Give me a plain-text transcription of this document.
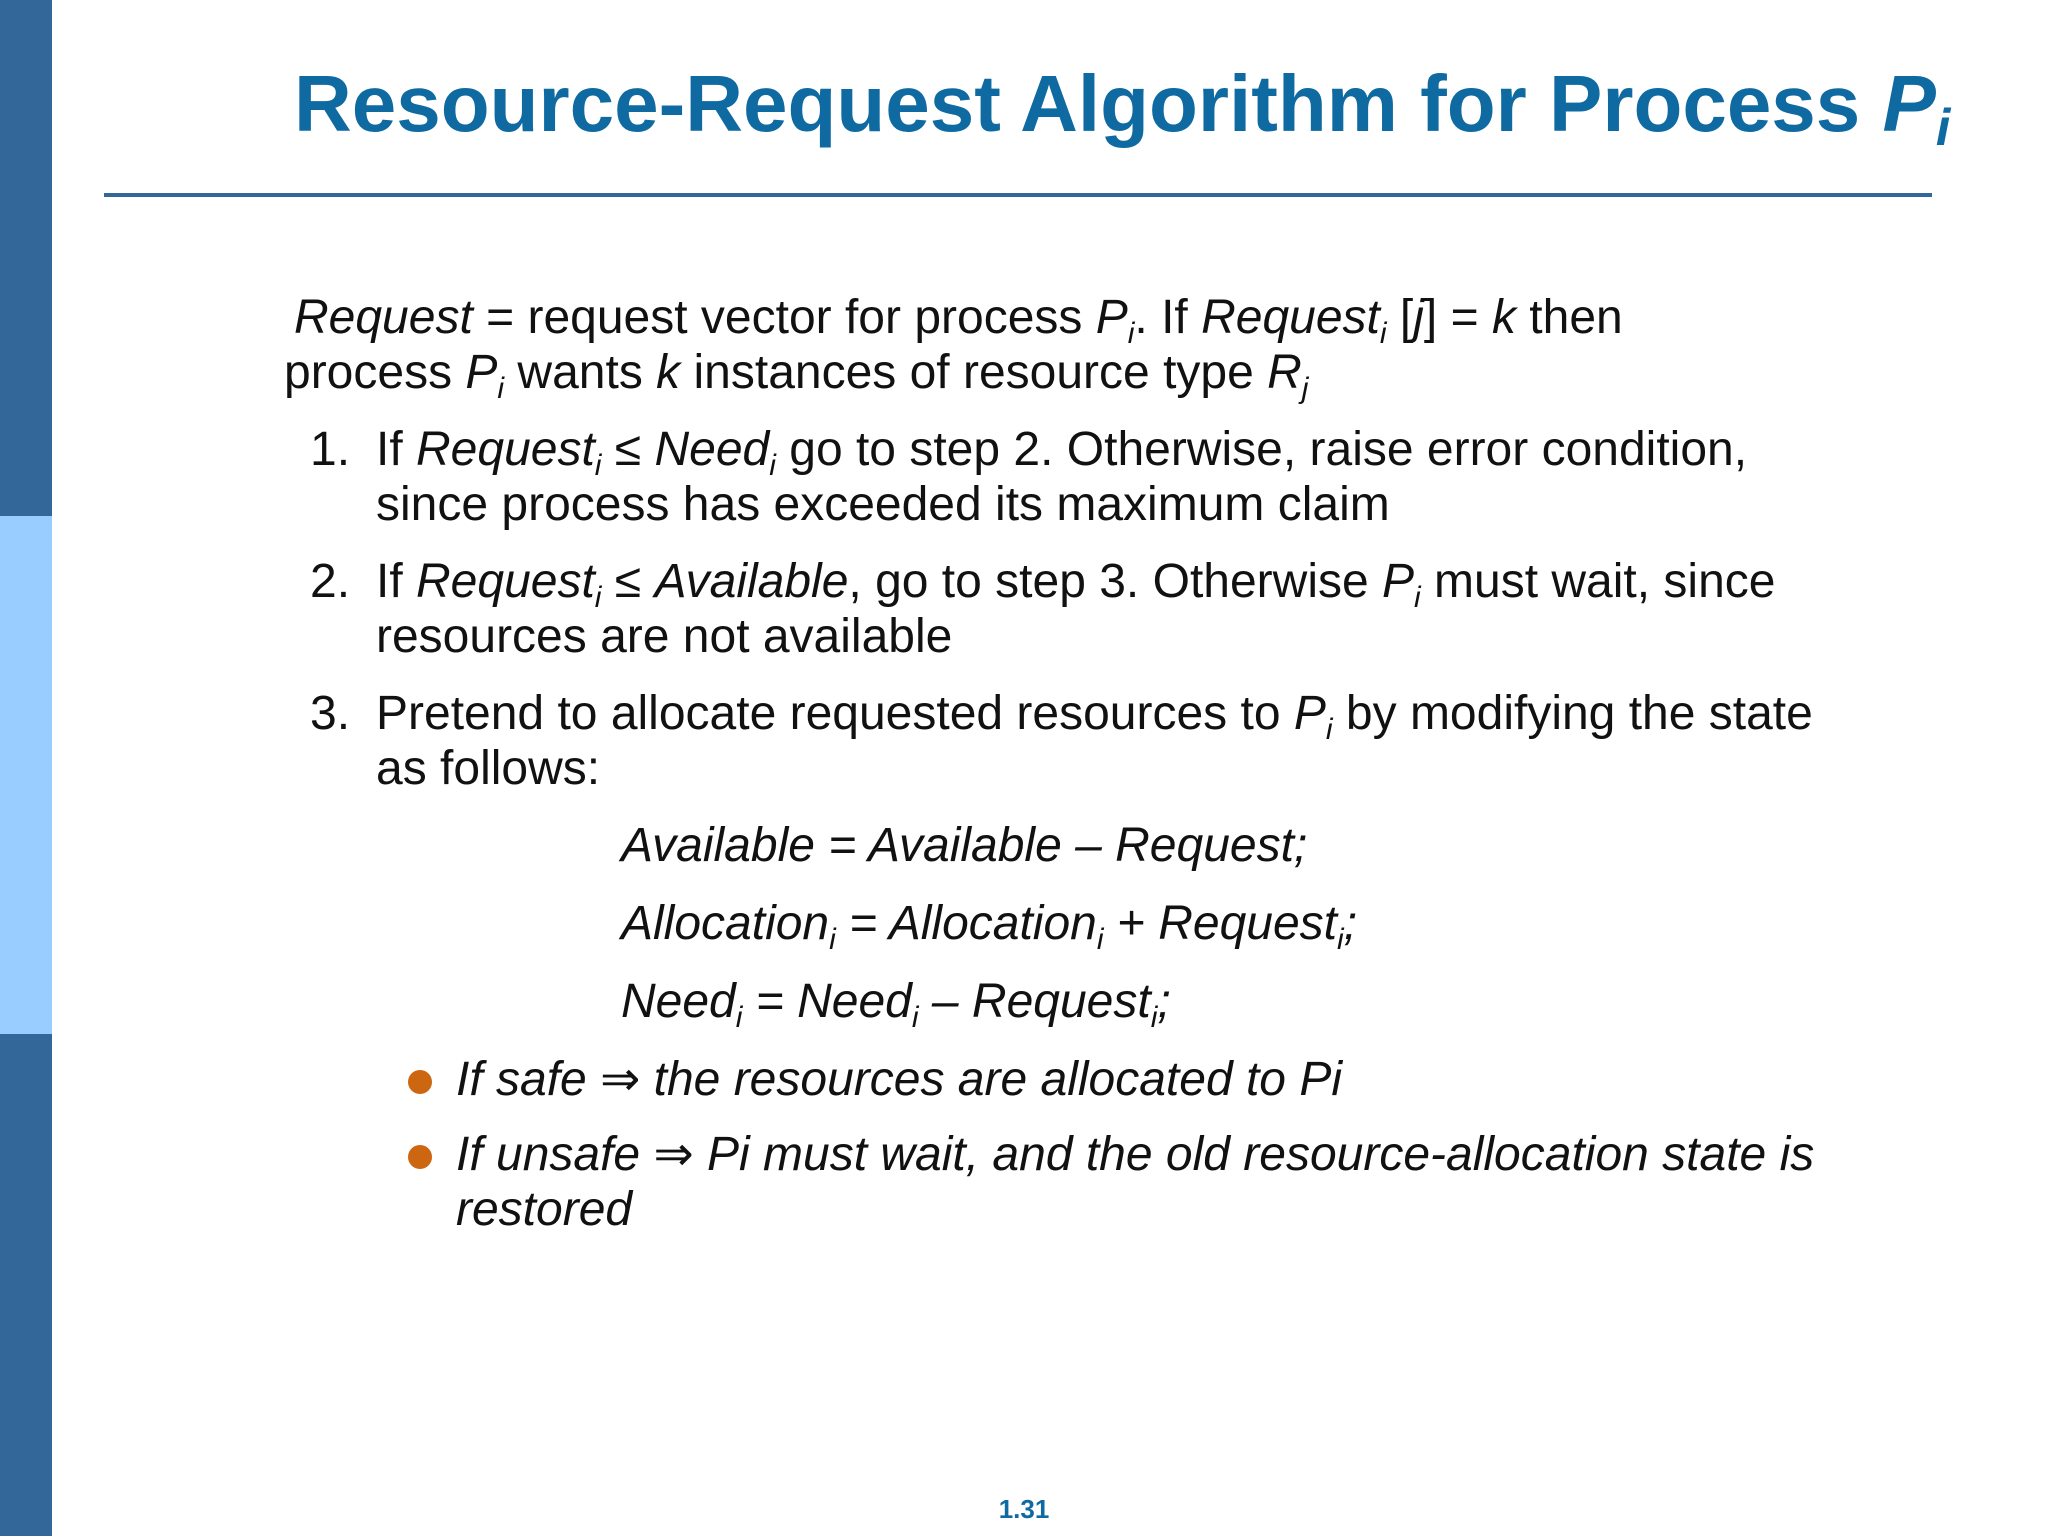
Resource-Request Algorithm for Process $P_i$

Request = request vector for process $P_i$. If Request$_i$ [j] = k then
process $P_i$ wants k instances of resource type $R_j$

1. If Request$_i$ ≤ Need$_i$ go to step 2. Otherwise, raise error condition, since process has exceeded its maximum claim
2. If Request$_i$ ≤ Available, go to step 3. Otherwise $P_i$ must wait, since resources are not available
3. Pretend to allocate requested resources to $P_i$ by modifying the state as follows:
Available = Available – Request;
Allocation$_i$ = Allocation$_i$ + Request$_i$;
Need$_i$ = Need$_i$ – Request$_i$;
If safe ⇒ the resources are allocated to Pi
If unsafe ⇒ Pi must wait, and the old resource-allocation state is restored
1.31
